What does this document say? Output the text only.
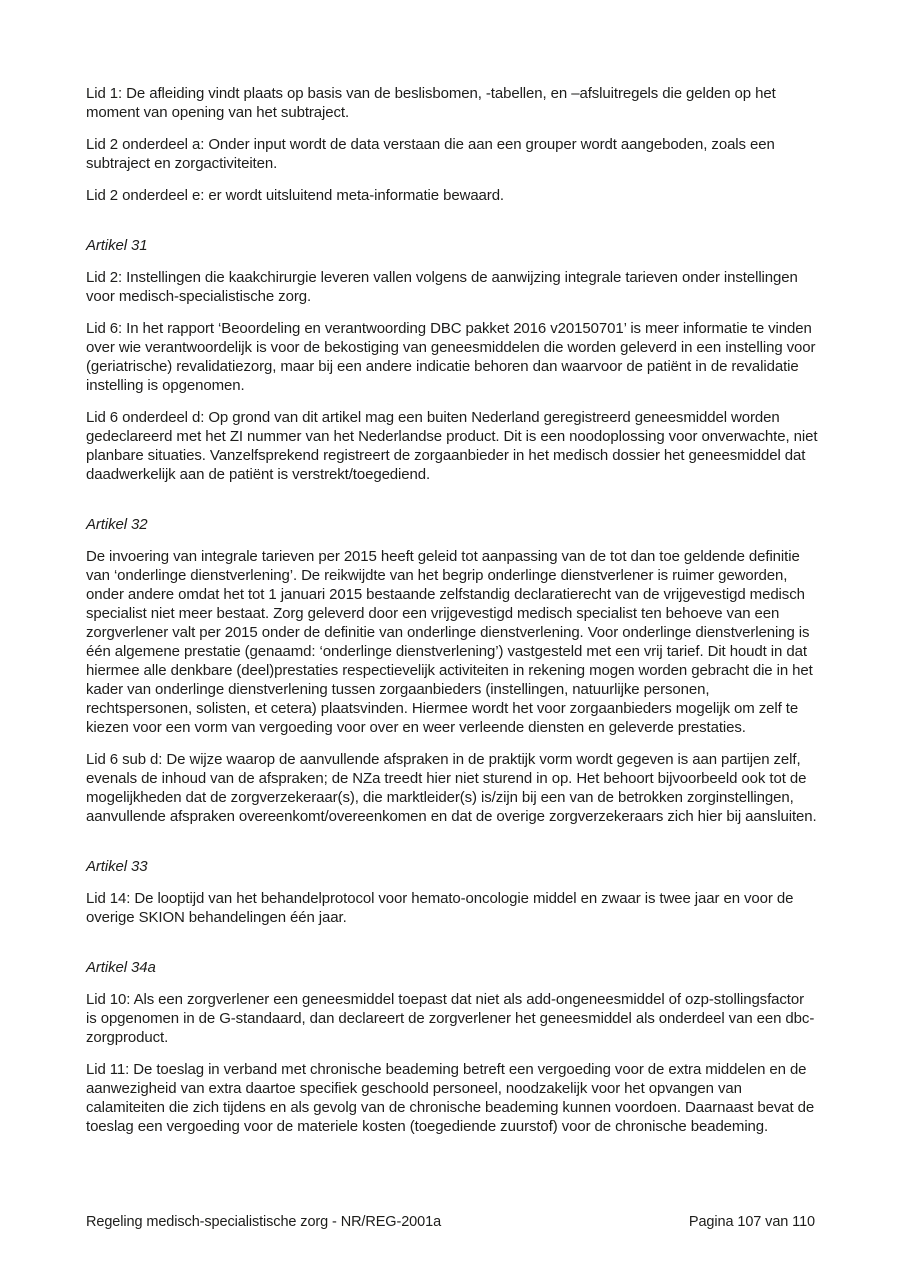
Lid 1: De afleiding vindt plaats op basis van de beslisbomen, -tabellen, en –afsluitregels die gelden op het moment van opening van het subtraject.

Lid 2 onderdeel a: Onder input wordt de data verstaan die aan een grouper wordt aangeboden, zoals een subtraject en zorgactiviteiten.

Lid 2 onderdeel e: er wordt uitsluitend meta-informatie bewaard.

Artikel 31

Lid 2: Instellingen die kaakchirurgie leveren vallen volgens de aanwijzing integrale tarieven onder instellingen voor medisch-specialistische zorg.

Lid 6: In het rapport ‘Beoordeling en verantwoording DBC pakket 2016 v20150701’ is meer informatie te vinden over wie verantwoordelijk is voor de bekostiging van geneesmiddelen die worden geleverd in een instelling voor (geriatrische) revalidatiezorg, maar bij een andere indicatie behoren dan waarvoor de patiënt in de revalidatie instelling is opgenomen.

Lid 6 onderdeel d: Op grond van dit artikel mag een buiten Nederland geregistreerd geneesmiddel worden gedeclareerd met het ZI nummer van het Nederlandse product. Dit is een noodoplossing voor onverwachte, niet planbare situaties. Vanzelfsprekend registreert de zorgaanbieder in het medisch dossier het geneesmiddel dat daadwerkelijk aan de patiënt is verstrekt/toegediend.

Artikel 32

De invoering van integrale tarieven per 2015 heeft geleid tot aanpassing van de tot dan toe geldende definitie van ‘onderlinge dienstverlening’. De reikwijdte van het begrip onderlinge dienstverlener is ruimer geworden, onder andere omdat het tot 1 januari 2015 bestaande zelfstandig declaratierecht van de vrijgevestigd medisch specialist niet meer bestaat. Zorg geleverd door een vrijgevestigd medisch specialist ten behoeve van een zorgverlener valt per 2015 onder de definitie van onderlinge dienstverlening. Voor onderlinge dienstverlening is één algemene prestatie (genaamd: ‘onderlinge dienstverlening’) vastgesteld met een vrij tarief. Dit houdt in dat hiermee alle denkbare (deel)prestaties respectievelijk activiteiten in rekening mogen worden gebracht die in het kader van onderlinge dienstverlening tussen zorgaanbieders (instellingen, natuurlijke personen, rechtspersonen, solisten, et cetera) plaatsvinden. Hiermee wordt het voor zorgaanbieders mogelijk om zelf te kiezen voor een vorm van vergoeding voor over en weer verleende diensten en geleverde prestaties.

Lid 6 sub d: De wijze waarop de aanvullende afspraken in de praktijk vorm wordt gegeven is aan partijen zelf, evenals de inhoud van de afspraken; de NZa treedt hier niet sturend in op. Het behoort bijvoorbeeld ook tot de mogelijkheden dat de zorgverzekeraar(s), die marktleider(s) is/zijn bij een van de betrokken zorginstellingen, aanvullende afspraken overeenkomt/overeenkomen en dat de overige zorgverzekeraars zich hier bij aansluiten.

Artikel 33

Lid 14: De looptijd van het behandelprotocol voor hemato-oncologie middel en zwaar is twee jaar en voor de overige SKION behandelingen één jaar.

Artikel 34a

Lid 10: Als een zorgverlener een geneesmiddel toepast dat niet als add-ongeneesmiddel of ozp-stollingsfactor is opgenomen in de G-standaard, dan declareert de zorgverlener het geneesmiddel als onderdeel van een dbc-zorgproduct.

Lid 11: De toeslag in verband met chronische beademing betreft een vergoeding voor de extra middelen en de aanwezigheid van extra daartoe specifiek geschoold personeel, noodzakelijk voor het opvangen van calamiteiten die zich tijdens en als gevolg van de chronische beademing kunnen voordoen. Daarnaast bevat de toeslag een vergoeding voor de materiele kosten (toegediende zuurstof) voor de chronische beademing.

Regeling medisch-specialistische zorg - NR/REG-2001a	Pagina 107 van 110
